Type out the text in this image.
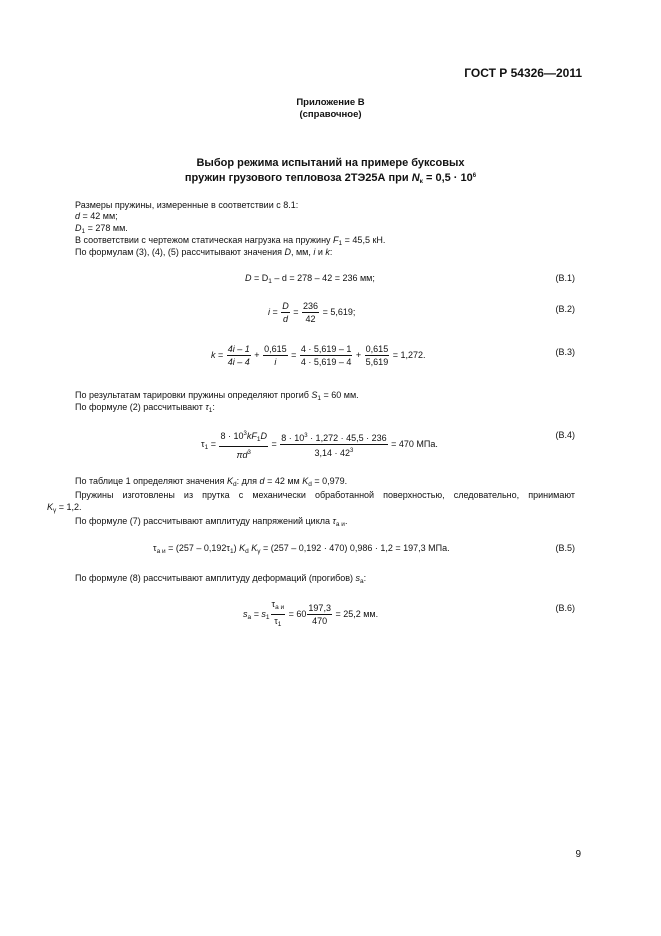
ГОСТ Р 54326—2011
Приложение В
(справочное)
Выбор режима испытаний на примере буксовых
пружин грузового тепловоза 2ТЭ25А при $N_к = 0,5 \cdot 10^6$
Размеры пружины, измеренные в соответствии с 8.1:
d = 42 мм;
$D_1 = 278$ мм.
В соответствии с чертежом статическая нагрузка на пружину $F_1 = 45,5$ кН.
По формулам (3), (4), (5) рассчитывают значения D, мм, i и k:
$D = D_1 - d = 278 - 42 = 236$ мм;	(В.1)
$i = \frac{D}{d} = \frac{236}{42} = 5,619$;	(В.2)
$k = \frac{4i - 1}{4i - 4} + \frac{0,615}{i} = \frac{4 \cdot 5,619 - 1}{4 \cdot 5,619 - 4} + \frac{0,615}{5,619} = 1,272$.	(В.3)
По результатам тарировки пружины определяют прогиб $S_1 = 60$ мм.
По формуле (2) рассчитывают $\tau_1$:
$\tau_1 = \frac{8 \cdot 10^3kF_1D}{\pi d^3} = \frac{8 \cdot 10^3 \cdot 1,272 \cdot 45,5 \cdot 236}{3,14 \cdot 42^3} = 470$ МПа.
(В.4)
По таблице 1 определяют значения $K_d$: для d = 42 мм $K_d = 0,979$.
Пружины изготовлены из прутка с механически обработанной поверхностью, следовательно, принимают
$K_\gamma = 1,2$.
По формуле (7) рассчитывают амплитуду напряжений цикла $\tau_{a и}$.
$\tau_{a и} = (257 - 0,192\tau_1)$ $K_d$ $K_\gamma = (257 - 0,192 \cdot 470) 0,986 \cdot 1,2 = 197,3$ МПа.	(В.5)
По формуле (8) рассчитывают амплитуду деформаций (прогибов) $s_a$:
$s_a = s_1 \frac{\tau_{a и}}{\tau_1} = 60 \frac{197,3}{470} = 25,2$ мм.
(В.6)
9
